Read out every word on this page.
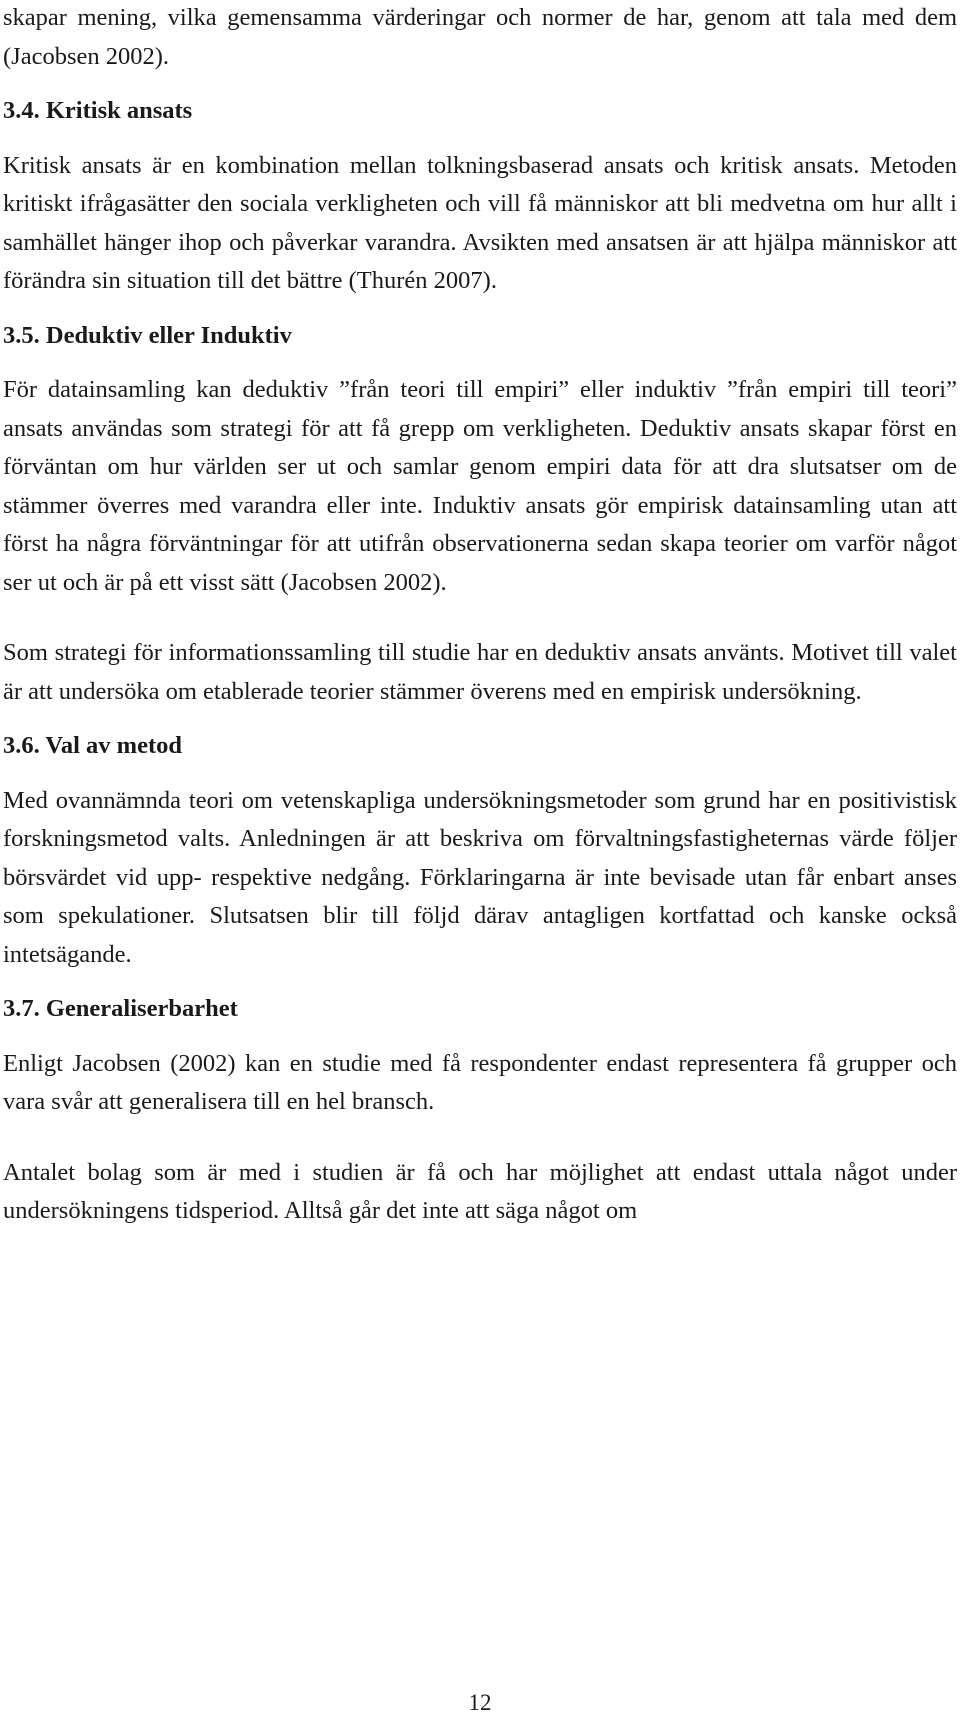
skapar mening, vilka gemensamma värderingar och normer de har, genom att tala med dem (Jacobsen 2002).

3.4. Kritisk ansats

Kritisk ansats är en kombination mellan tolkningsbaserad ansats och kritisk ansats. Metoden kritiskt ifrågasätter den sociala verkligheten och vill få människor att bli medvetna om hur allt i samhället hänger ihop och påverkar varandra. Avsikten med ansatsen är att hjälpa människor att förändra sin situation till det bättre (Thurén 2007).

3.5. Deduktiv eller Induktiv

För datainsamling kan deduktiv ”från teori till empiri” eller induktiv ”från empiri till teori” ansats användas som strategi för att få grepp om verkligheten. Deduktiv ansats skapar först en förväntan om hur världen ser ut och samlar genom empiri data för att dra slutsatser om de stämmer överres med varandra eller inte. Induktiv ansats gör empirisk datainsamling utan att först ha några förväntningar för att utifrån observationerna sedan skapa teorier om varför något ser ut och är på ett visst sätt (Jacobsen 2002).

Som strategi för informationssamling till studie har en deduktiv ansats använts. Motivet till valet är att undersöka om etablerade teorier stämmer överens med en empirisk undersökning.

3.6. Val av metod

Med ovannämnda teori om vetenskapliga undersökningsmetoder som grund har en positivistisk forskningsmetod valts. Anledningen är att beskriva om förvaltningsfastigheternas värde följer börsvärdet vid upp- respektive nedgång. Förklaringarna är inte bevisade utan får enbart anses som spekulationer. Slutsatsen blir till följd därav antagligen kortfattad och kanske också intetsägande.

3.7. Generaliserbarhet

Enligt Jacobsen (2002) kan en studie med få respondenter endast representera få grupper och vara svår att generalisera till en hel bransch.

Antalet bolag som är med i studien är få och har möjlighet att endast uttala något under undersökningens tidsperiod. Alltså går det inte att säga något om

12
